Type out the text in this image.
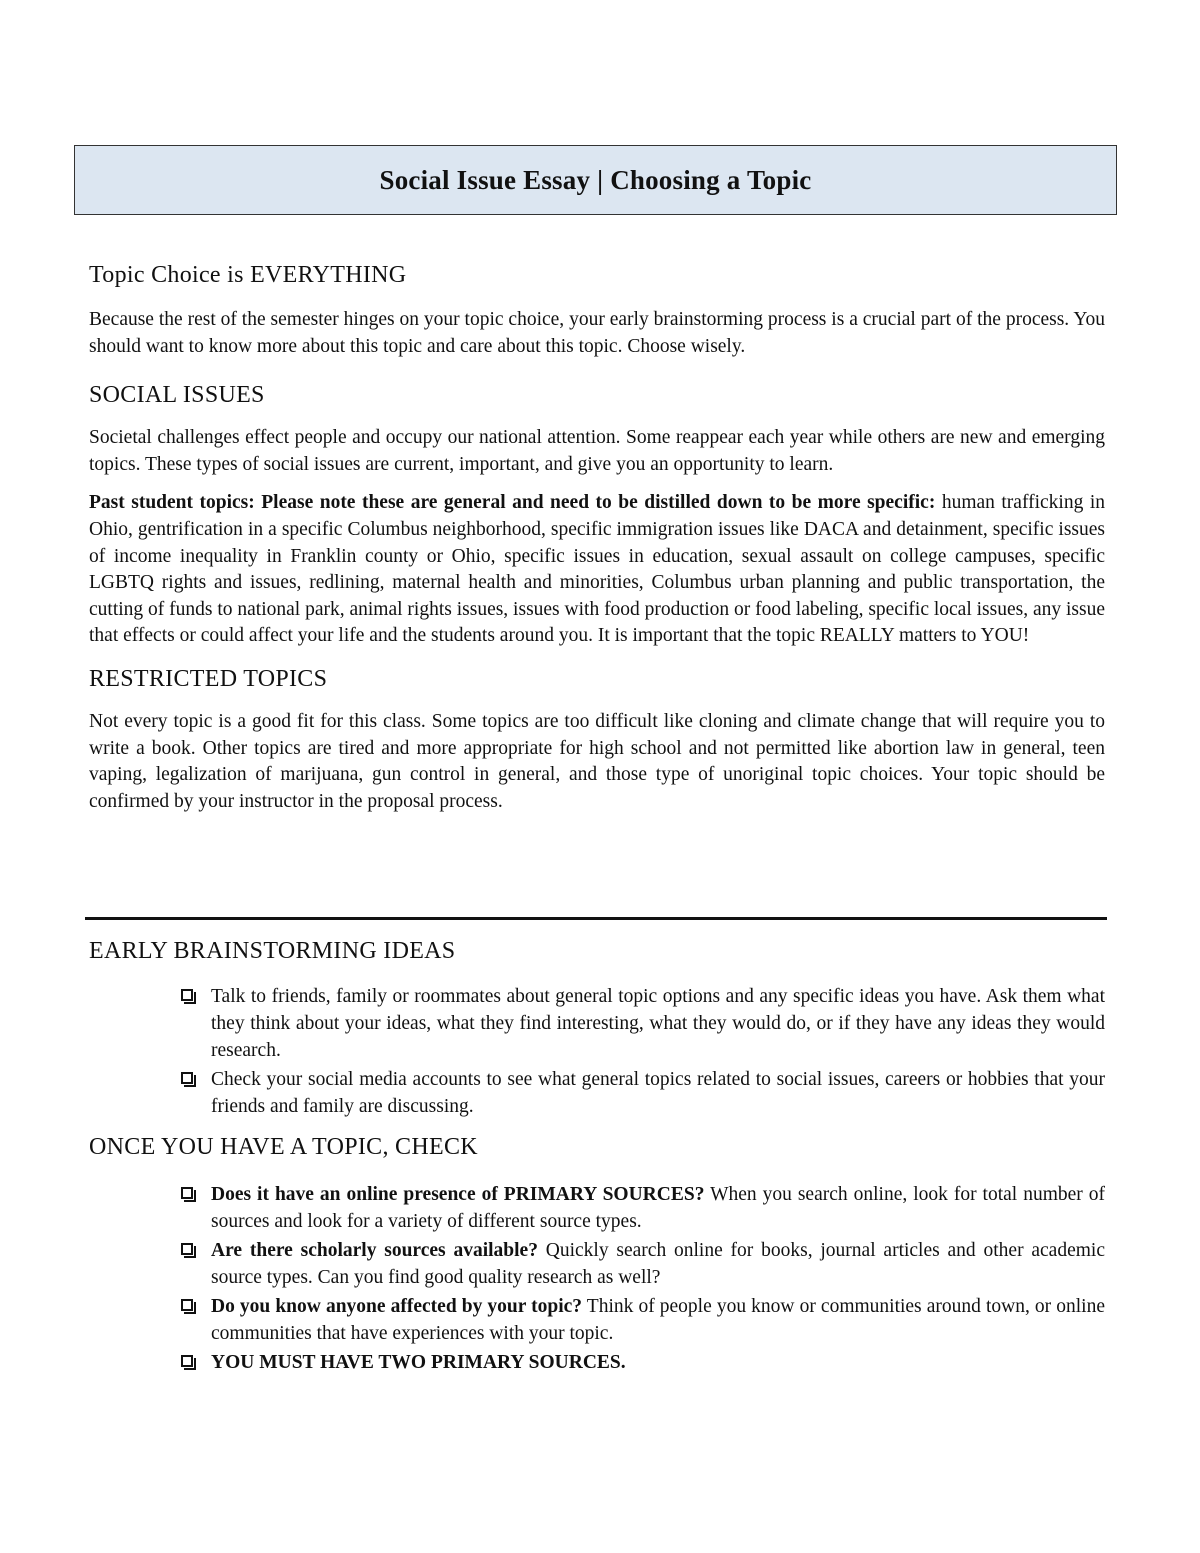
Social Issue Essay | Choosing a Topic
Topic Choice is EVERYTHING

Because the rest of the semester hinges on your topic choice, your early brainstorming process is a crucial part of the process. You should want to know more about this topic and care about this topic. Choose wisely.

SOCIAL ISSUES

Societal challenges effect people and occupy our national attention. Some reappear each year while others are new and emerging topics. These types of social issues are current, important, and give you an opportunity to learn.

Past student topics: Please note these are general and need to be distilled down to be more specific: human trafficking in Ohio, gentrification in a specific Columbus neighborhood, specific immigration issues like DACA and detainment, specific issues of income inequality in Franklin county or Ohio, specific issues in education, sexual assault on college campuses, specific LGBTQ rights and issues, redlining, maternal health and minorities, Columbus urban planning and public transportation, the cutting of funds to national park, animal rights issues, issues with food production or food labeling, specific local issues, any issue that effects or could affect your life and the students around you. It is important that the topic REALLY matters to YOU!

RESTRICTED TOPICS

Not every topic is a good fit for this class. Some topics are too difficult like cloning and climate change that will require you to write a book. Other topics are tired and more appropriate for high school and not permitted like abortion law in general, teen vaping, legalization of marijuana, gun control in general, and those type of unoriginal topic choices. Your topic should be confirmed by your instructor in the proposal process.

EARLY BRAINSTORMING IDEAS
Talk to friends, family or roommates about general topic options and any specific ideas you have. Ask them what they think about your ideas, what they find interesting, what they would do, or if they have any ideas they would research.
Check your social media accounts to see what general topics related to social issues, careers or hobbies that your friends and family are discussing.
ONCE YOU HAVE A TOPIC, CHECK
Does it have an online presence of PRIMARY SOURCES? When you search online, look for total number of sources and look for a variety of different source types.
Are there scholarly sources available? Quickly search online for books, journal articles and other academic source types. Can you find good quality research as well?
Do you know anyone affected by your topic? Think of people you know or communities around town, or online communities that have experiences with your topic.
YOU MUST HAVE TWO PRIMARY SOURCES.
